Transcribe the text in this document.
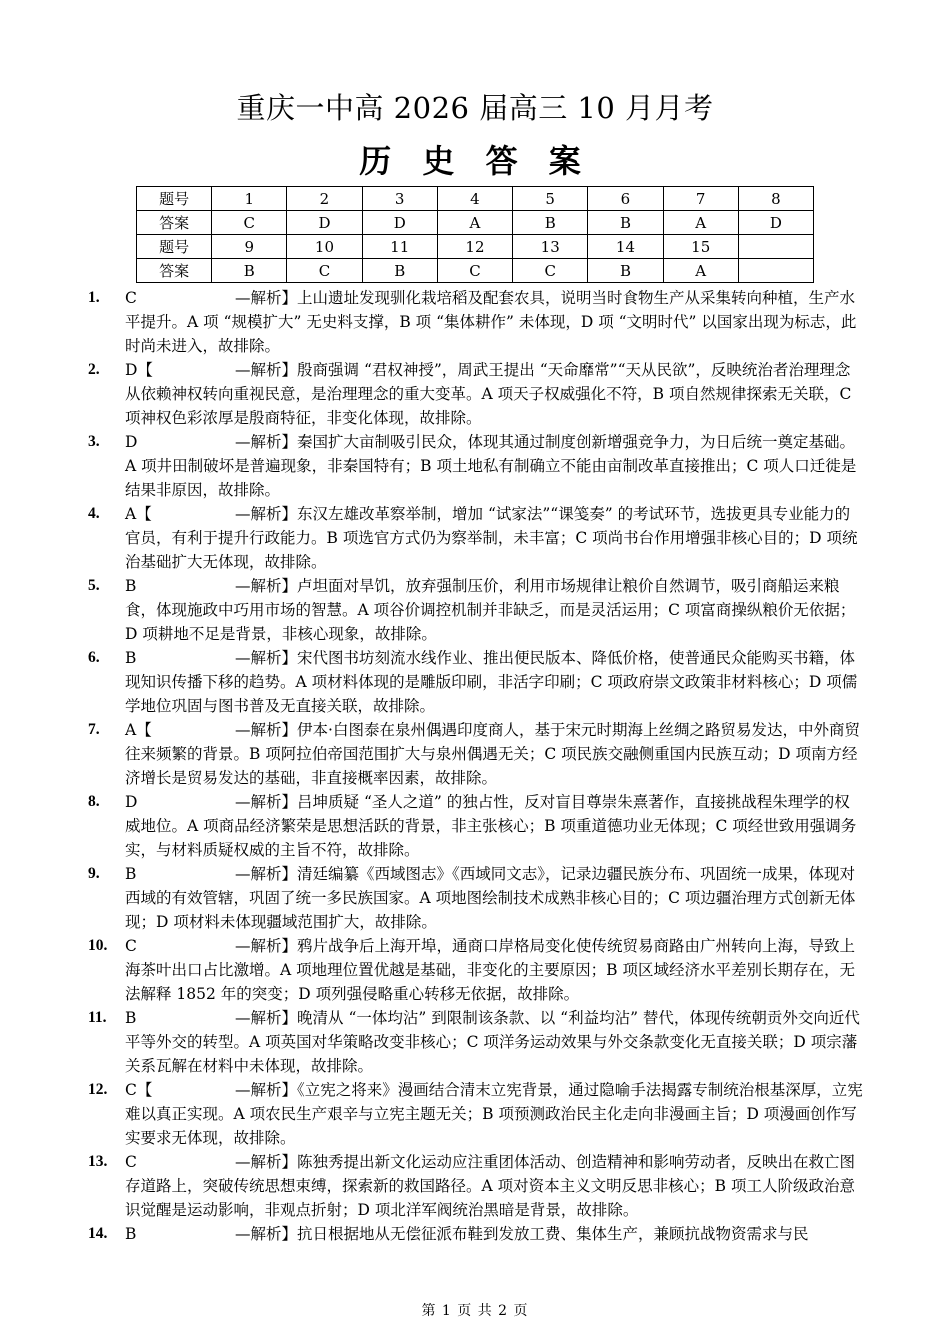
重庆一中高 2026 届高三 10 月月考
历 史 答 案
题号	1	2	3	4	5	6	7	8
答案	C	D	D	A	B	B	A	D
题号	9	10	11	12	13	14	15	
答案	B	C	B	C	C	B	A	
1. C	—解析】上山遗址发现驯化栽培稻及配套农具，说明当时食物生产从采集转向种植，生产水平提升。A 项 “规模扩大” 无史料支撑，B 项 “集体耕作” 未体现，D 项 “文明时代” 以国家出现为标志，此时尚未进入，故排除。
2. D【	—解析】殷商强调 “君权神授”，周武王提出 “天命靡常”“天从民欲”，反映统治者治理理念从依赖神权转向重视民意，是治理理念的重大变革。A 项天子权威强化不符，B 项自然规律探索无关联，C 项神权色彩浓厚是殷商特征，非变化体现，故排除。
3. D	—解析】秦国扩大亩制吸引民众，体现其通过制度创新增强竞争力，为日后统一奠定基础。A 项井田制破坏是普遍现象，非秦国特有；B 项土地私有制确立不能由亩制改革直接推出；C 项人口迁徙是结果非原因，故排除。
4. A【	—解析】东汉左雄改革察举制，增加 “试家法”“课笺奏” 的考试环节，选拔更具专业能力的官员，有利于提升行政能力。B 项选官方式仍为察举制，未丰富；C 项尚书台作用增强非核心目的；D 项统治基础扩大无体现，故排除。
5. B	—解析】卢坦面对旱饥，放弃强制压价，利用市场规律让粮价自然调节，吸引商船运来粮食，体现施政中巧用市场的智慧。A 项谷价调控机制并非缺乏，而是灵活运用；C 项富商操纵粮价无依据；D 项耕地不足是背景，非核心现象，故排除。
6. B	—解析】宋代图书坊刻流水线作业、推出便民版本、降低价格，使普通民众能购买书籍，体现知识传播下移的趋势。A 项材料体现的是雕版印刷，非活字印刷；C 项政府崇文政策非材料核心；D 项儒学地位巩固与图书普及无直接关联，故排除。
7. A【	—解析】伊本·白图泰在泉州偶遇印度商人，基于宋元时期海上丝绸之路贸易发达，中外商贸往来频繁的背景。B 项阿拉伯帝国范围扩大与泉州偶遇无关；C 项民族交融侧重国内民族互动；D 项南方经济增长是贸易发达的基础，非直接概率因素，故排除。
8. D	—解析】吕坤质疑 “圣人之道” 的独占性，反对盲目尊崇朱熹著作，直接挑战程朱理学的权威地位。A 项商品经济繁荣是思想活跃的背景，非主张核心；B 项重道德功业无体现；C 项经世致用强调务实，与材料质疑权威的主旨不符，故排除。
9. B	—解析】清廷编纂《西域图志》《西域同文志》，记录边疆民族分布、巩固统一成果，体现对西域的有效管辖，巩固了统一多民族国家。A 项地图绘制技术成熟非核心目的；C 项边疆治理方式创新无体现；D 项材料未体现疆域范围扩大，故排除。
10. C	—解析】鸦片战争后上海开埠，通商口岸格局变化使传统贸易商路由广州转向上海，导致上海茶叶出口占比激增。A 项地理位置优越是基础，非变化的主要原因；B 项区域经济水平差别长期存在，无法解释 1852 年的突变；D 项列强侵略重心转移无依据，故排除。
11. B	—解析】晚清从 “一体均沾” 到限制该条款、以 “利益均沾” 替代，体现传统朝贡外交向近代平等外交的转型。A 项英国对华策略改变非核心；C 项洋务运动效果与外交条款变化无直接关联；D 项宗藩关系瓦解在材料中未体现，故排除。
12. C【	—解析】《立宪之将来》漫画结合清末立宪背景，通过隐喻手法揭露专制统治根基深厚，立宪难以真正实现。A 项农民生产艰辛与立宪主题无关；B 项预测政治民主化走向非漫画主旨；D 项漫画创作写实要求无体现，故排除。
13. C	—解析】陈独秀提出新文化运动应注重团体活动、创造精神和影响劳动者，反映出在救亡图存道路上，突破传统思想束缚，探索新的救国路径。A 项对资本主义文明反思非核心；B 项工人阶级政治意识觉醒是运动影响，非观点折射；D 项北洋军阀统治黑暗是背景，故排除。
14. B	—解析】抗日根据地从无偿征派布鞋到发放工费、集体生产，兼顾抗战物资需求与民
第 1 页 共 2 页
